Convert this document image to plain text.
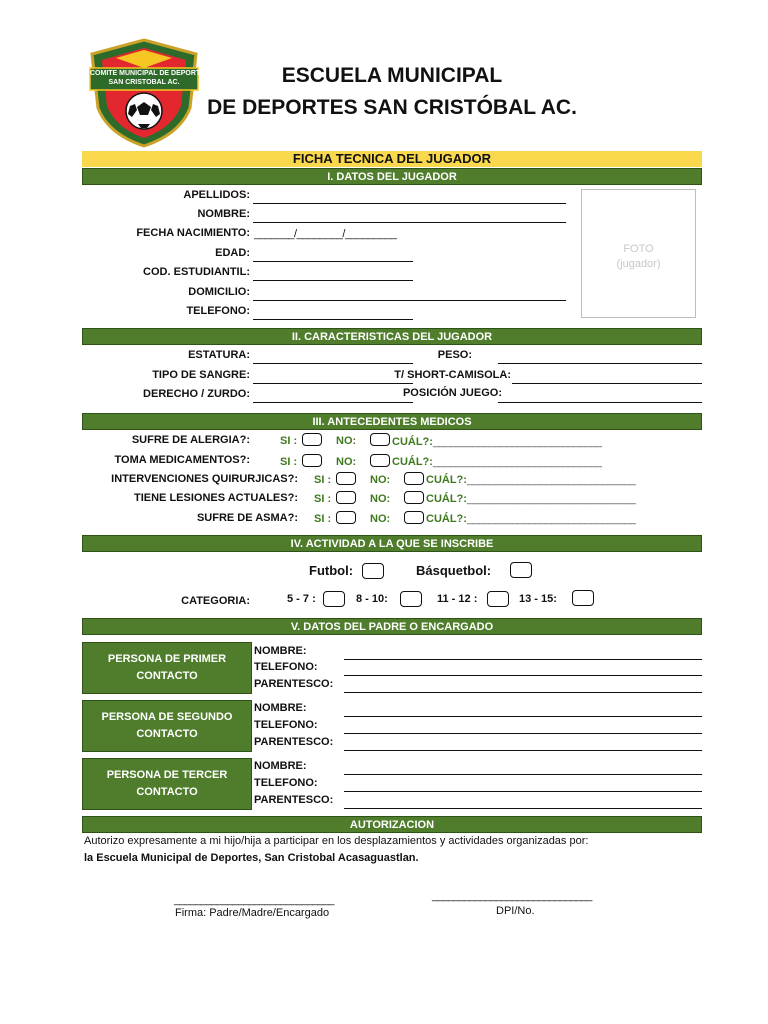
COMITE MUNICIPAL DE DEPORTES
SAN CRISTOBAL AC.	ESCUELA MUNICIPAL
DE DEPORTES SAN CRISTÓBAL AC.
FICHA TECNICA DEL JUGADOR
I. DATOS DEL JUGADOR
APELLIDOS:
NOMBRE:
FECHA NACIMIENTO: _______/________/_________
EDAD:
COD. ESTUDIANTIL:
DOMICILIO:
TELEFONO:
FOTO
(jugador)
II. CARACTERISTICAS DEL JUGADOR
ESTATURA:	PESO:
TIPO DE SANGRE:	T/ SHORT-CAMISOLA:
DERECHO / ZURDO:	POSICIÓN JUEGO:
III. ANTECEDENTES MEDICOS
SUFRE DE ALERGIA?:	SI :	NO:	CUÁL?: ______________________________
TOMA MEDICAMENTOS?:	SI :	NO:	CUÁL?: ______________________________
INTERVENCIONES QUIRURJICAS?: SI :	NO:	CUÁL?: ______________________________
TIENE LESIONES ACTUALES?: SI :	NO:	CUÁL?: ______________________________
SUFRE DE ASMA?: SI :	NO:	CUÁL?: ______________________________
IV. ACTIVIDAD A LA QUE SE INSCRIBE
Futbol:	Básquetbol:
CATEGORIA:	5 - 7 :	8 - 10:	11 - 12 :	13 - 15:
V. DATOS DEL PADRE O ENCARGADO
PERSONA DE PRIMER
CONTACTO
NOMBRE:
TELEFONO:
PARENTESCO:
PERSONA DE SEGUNDO
CONTACTO
NOMBRE:
TELEFONO:
PARENTESCO:
PERSONA DE TERCER
CONTACTO
NOMBRE:
TELEFONO:
PARENTESCO:
AUTORIZACION
Autorizo expresamente a mi hijo/hija a participar en los desplazamientos y actividades organizadas por:
la Escuela Municipal de Deportes, San Cristobal Acasaguastlan.
______________________________
Firma: Padre/Madre/Encargado
______________________________
DPI/No.
